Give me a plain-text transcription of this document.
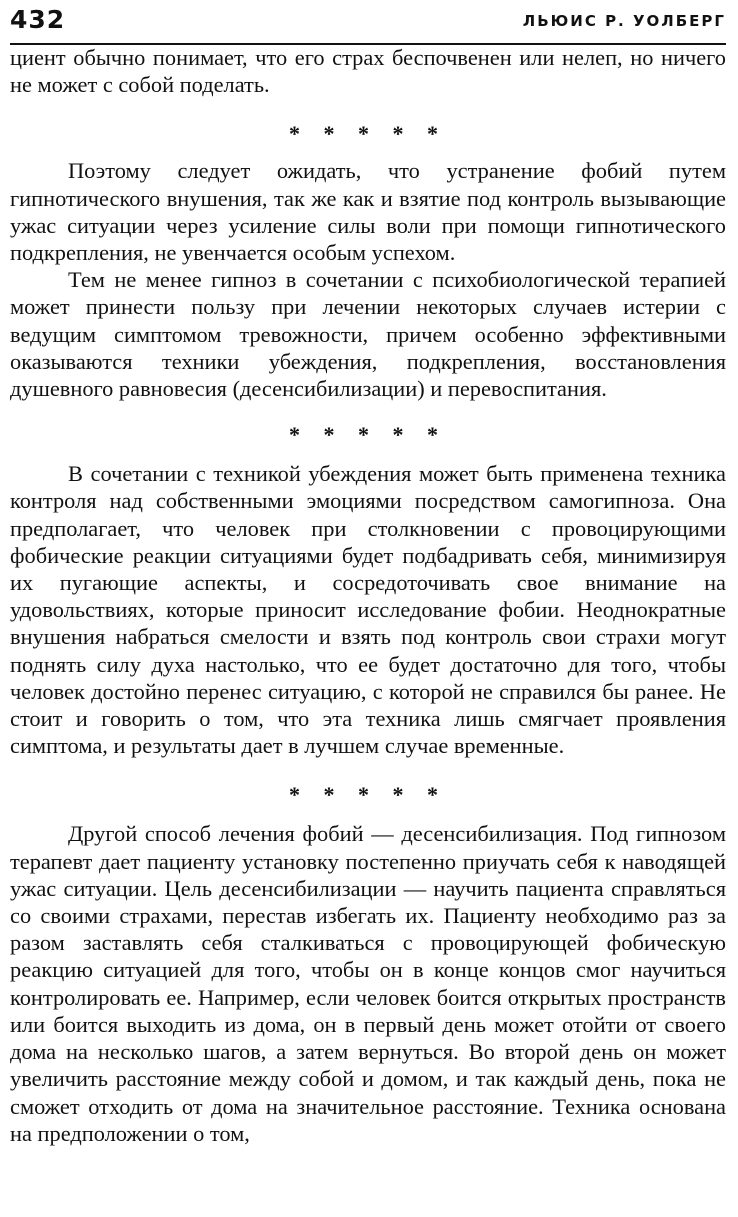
432	ЛЬЮИС Р. УОЛБЕРГ

циент обычно понимает, что его страх беспочвенен или нелеп, но ничего не может с собой поделать.

* * * * *

Поэтому следует ожидать, что устранение фобий путем гипнотического внушения, так же как и взятие под контроль вызывающие ужас ситуации через усиление силы воли при помощи гипнотического подкрепления, не увенчается особым успехом.

Тем не менее гипноз в сочетании с психобиологической терапией может принести пользу при лечении некоторых случаев истерии с ведущим симптомом тревожности, причем особенно эффективными оказываются техники убеждения, подкрепления, восстановления душевного равновесия (десенсибилизации) и перевоспитания.

* * * * *

В сочетании с техникой убеждения может быть применена техника контроля над собственными эмоциями посредством самогипноза. Она предполагает, что человек при столкновении с провоцирующими фобические реакции ситуациями будет подбадривать себя, минимизируя их пугающие аспекты, и сосредоточивать свое внимание на удовольствиях, которые приносит исследование фобии. Неоднократные внушения набраться смелости и взять под контроль свои страхи могут поднять силу духа настолько, что ее будет достаточно для того, чтобы человек достойно перенес ситуацию, с которой не справился бы ранее. Не стоит и говорить о том, что эта техника лишь смягчает проявления симптома, и результаты дает в лучшем случае временные.

* * * * *

Другой способ лечения фобий — десенсибилизация. Под гипнозом терапевт дает пациенту установку постепенно приучать себя к наводящей ужас ситуации. Цель десенсибилизации — научить пациента справляться со своими страхами, перестав избегать их. Пациенту необходимо раз за разом заставлять себя сталкиваться с провоцирующей фобическую реакцию ситуацией для того, чтобы он в конце концов смог научиться контролировать ее. Например, если человек боится открытых пространств или боится выходить из дома, он в первый день может отойти от своего дома на несколько шагов, а затем вернуться. Во второй день он может увеличить расстояние между собой и домом, и так каждый день, пока не сможет отходить от дома на значительное расстояние. Техника основана на предположении о том,
